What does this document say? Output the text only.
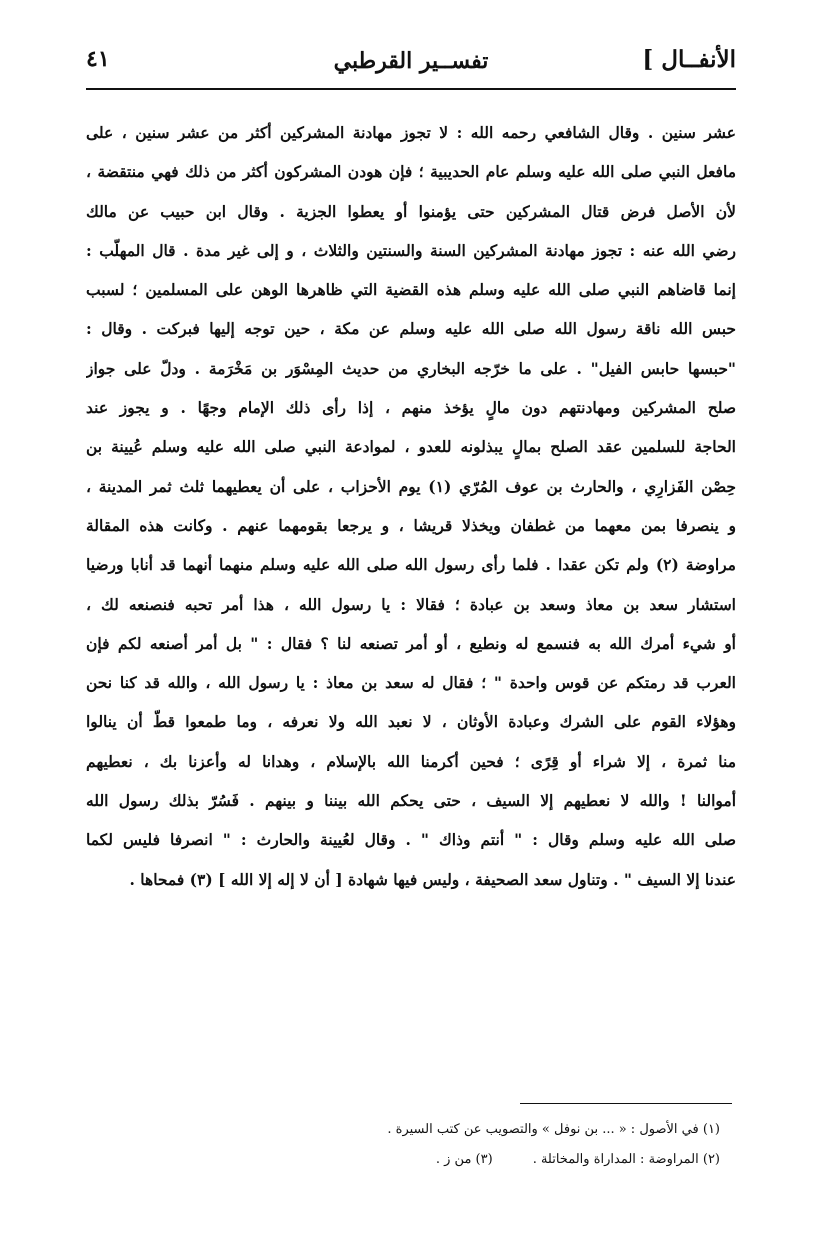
الأنفــال ]
تفســير القرطبي
٤١
عشر سنين . وقال الشافعي رحمه الله : لا تجوز مهادنة المشركين أكثر من عشر سنين ، على
مافعل النبي صلى الله عليه وسلم عام الحديبية ؛ فإن هودن المشركون أكثر من ذلك فهي منتقضة ،
لأن الأصل فرض قتال المشركين حتى يؤمنوا أو يعطوا الجزية . وقال ابن حبيب عن مالك
رضي الله عنه : تجوز مهادنة المشركين السنة والسنتين والثلاث ، و إلى غير مدة . قال المهلّب :
إنما قاضاهم النبي صلى الله عليه وسلم هذه القضية التي ظاهرها الوهن على المسلمين ؛ لسبب
حبس الله ناقة رسول الله صلى الله عليه وسلم عن مكة ، حين توجه إليها فبركت . وقال :
"حبسها حابس الفيل" . على ما خرّجه البخاري من حديث المِسْوَر بن مَخْرَمة . ودلّ على جواز
صلح المشركين ومهادنتهم دون مالٍ يؤخذ منهم ، إذا رأى ذلك الإمام وجهًا . و يجوز عند
الحاجة للسلمين عقد الصلح بمالٍ يبذلونه للعدو ، لموادعة النبي صلى الله عليه وسلم عُيينة بن
حِصْن الفَزارِي ، والحارث بن عوف المُرّي (١) يوم الأحزاب ، على أن يعطيهما ثلث ثمر المدينة ،
و ينصرفا بمن معهما من غطفان ويخذلا قريشا ، و يرجعا بقومهما عنهم . وكانت هذه المقالة
مراوضة (٢) ولم تكن عقدا . فلما رأى رسول الله صلى الله عليه وسلم منهما أنهما قد أنابا ورضيا
استشار سعد بن معاذ وسعد بن عبادة ؛ فقالا : يا رسول الله ، هذا أمر تحبه فنصنعه لك ،
أو شيء أمرك الله به فنسمع له ونطيع ، أو أمر تصنعه لنا ؟ فقال : " بل أمر أصنعه لكم فإن
العرب قد رمتكم عن قوس واحدة " ؛ فقال له سعد بن معاذ : يا رسول الله ، والله قد كنا نحن
وهؤلاء القوم على الشرك وعبادة الأوثان ، لا نعبد الله ولا نعرفه ، وما طمعوا قطّ أن ينالوا
منا ثمرة ، إلا شراء أو قِرًى ؛ فحين أكرمنا الله بالإسلام ، وهدانا له وأعزنا بك ، نعطيهم
أموالنا ! والله لا نعطيهم إلا السيف ، حتى يحكم الله بيننا و بينهم . فَسُرّ بذلك رسول الله
صلى الله عليه وسلم وقال : " أنتم وذاك " . وقال لعُيينة والحارث : " انصرفا فليس لكما
عندنا إلا السيف " . وتناول سعد الصحيفة ، وليس فيها شهادة [ أن لا إله إلا الله ] (٣) فمحاها .
(١) في الأصول : « ... بن نوفل » والتصويب عن كتب السيرة .
(٢) المراوضة : المداراة والمخاتلة .(٣) من ز .
